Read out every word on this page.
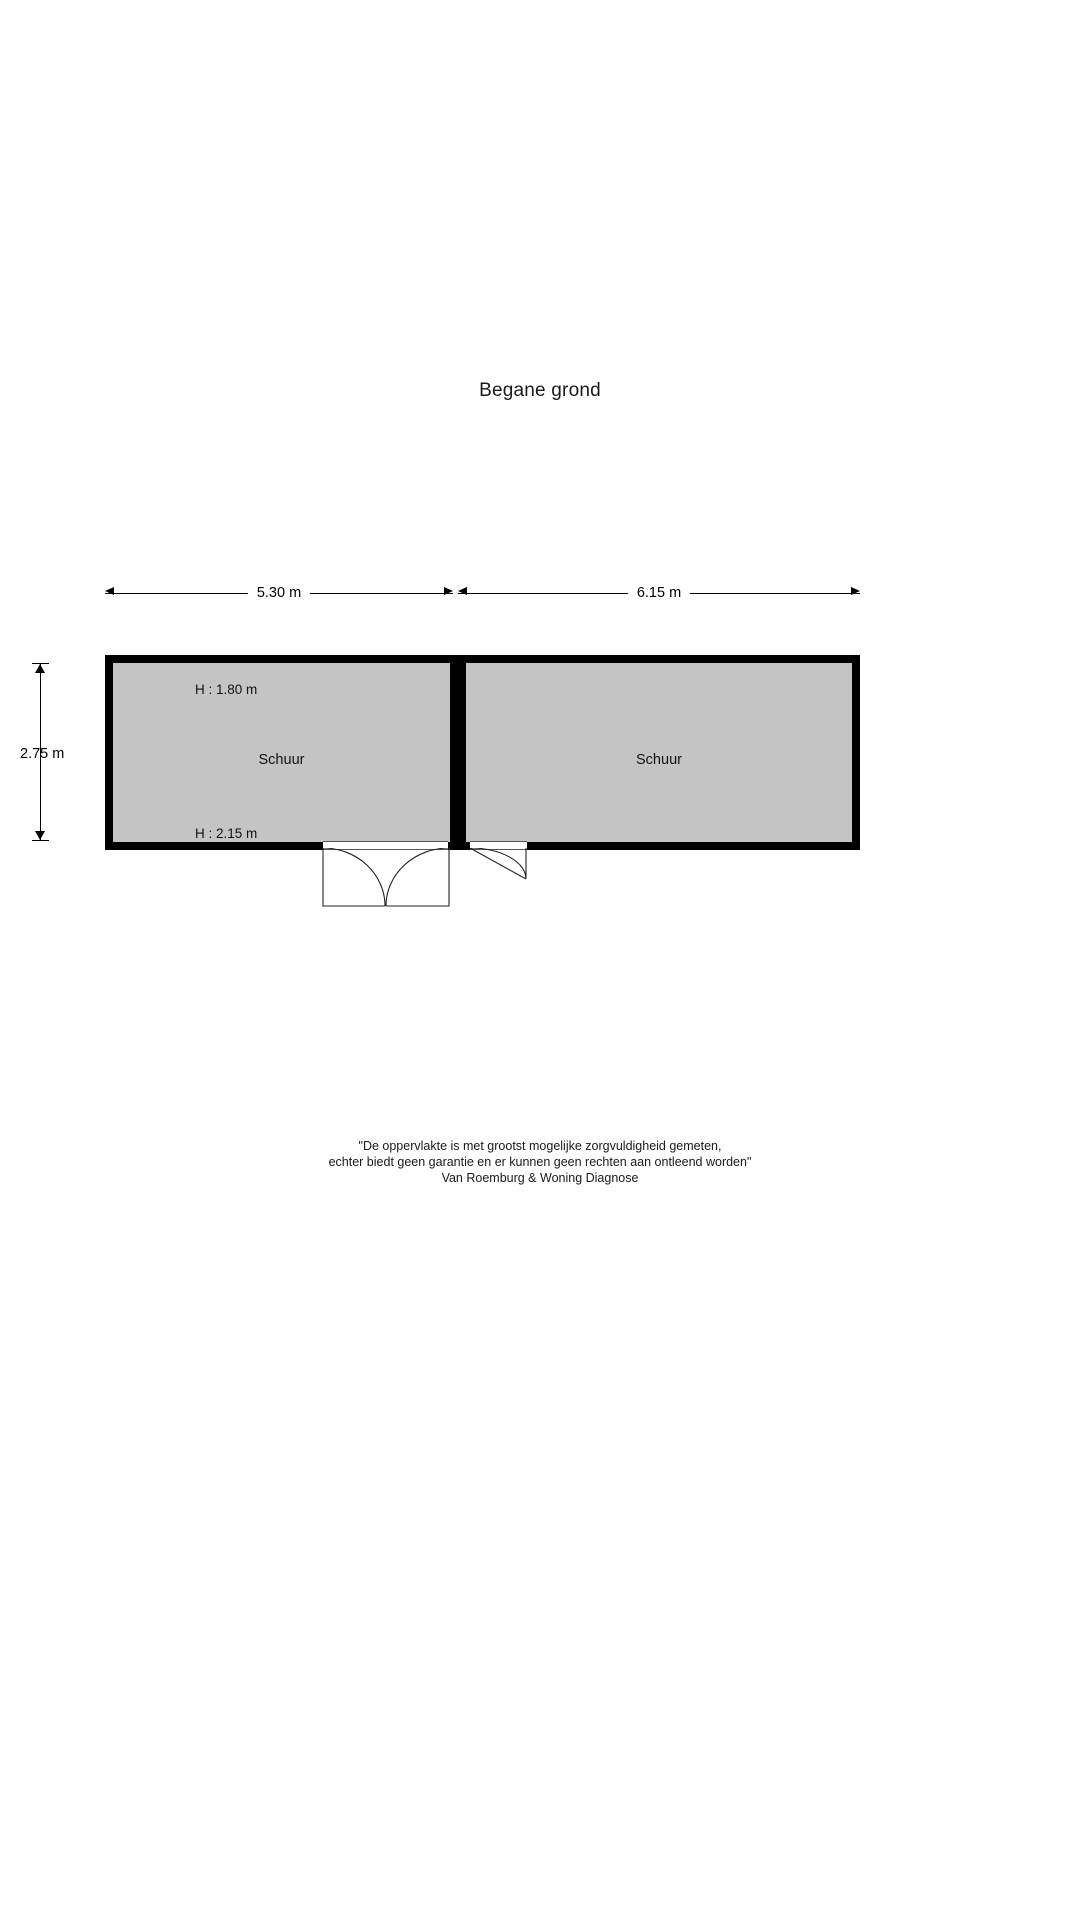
Begane grond
5.30 m	6.15 m
2.75 m
H : 1.80 m
Schuur
H : 2.15 m
Schuur
"De oppervlakte is met grootst mogelijke zorgvuldigheid gemeten,
echter biedt geen garantie en er kunnen geen rechten aan ontleend worden"
Van Roemburg & Woning Diagnose
